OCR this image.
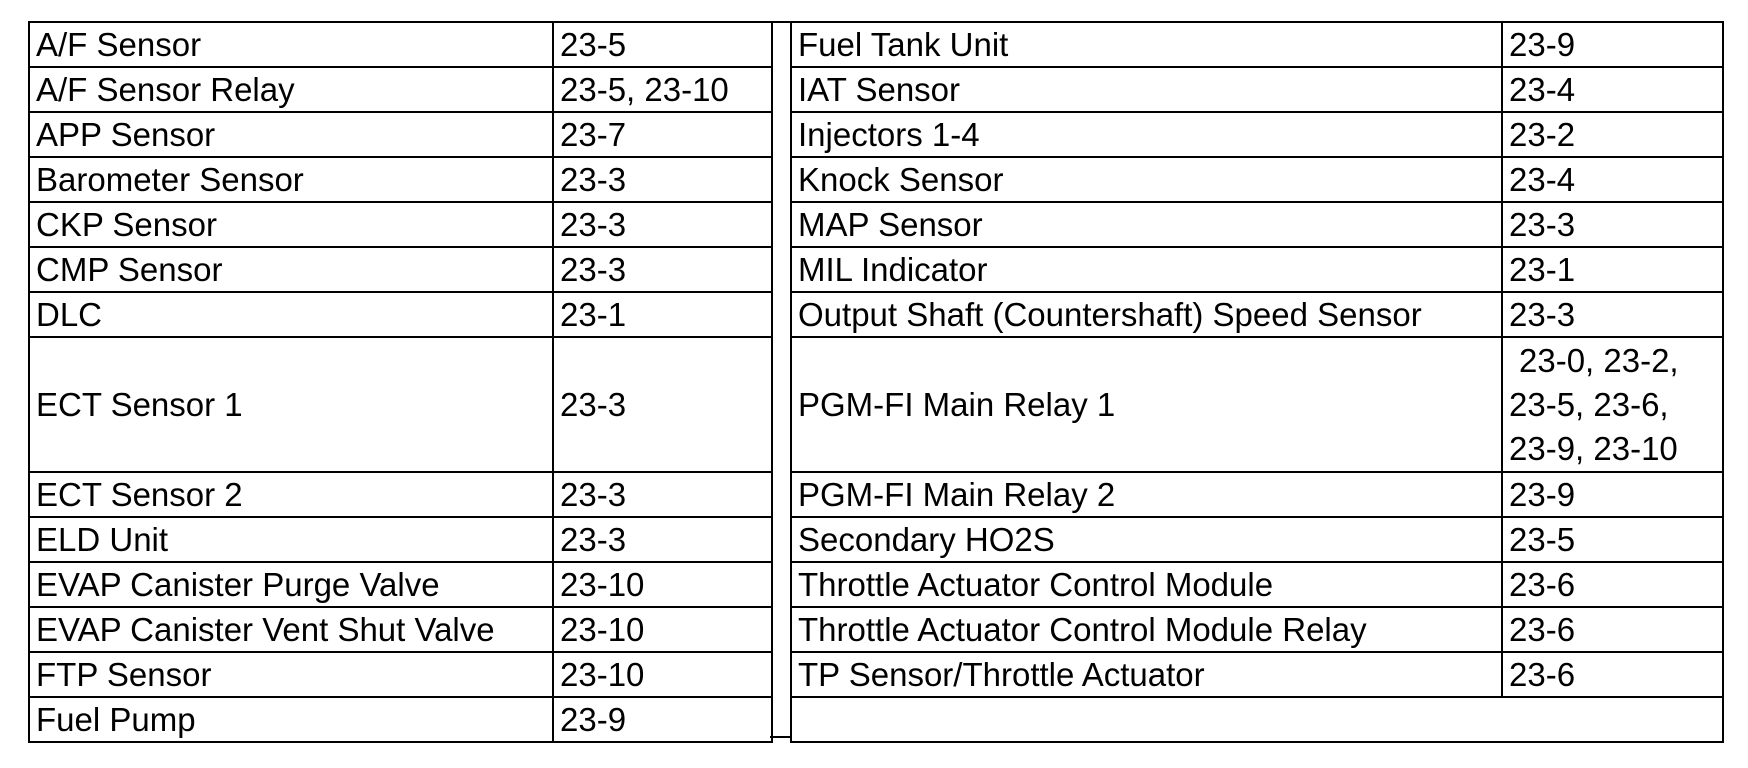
A/F Sensor	23-5
A/F Sensor Relay	23-5, 23-10
APP Sensor	23-7
Barometer Sensor	23-3
CKP Sensor	23-3
CMP Sensor	23-3
DLC	23-1
ECT Sensor 1	23-3
ECT Sensor 2	23-3
ELD Unit	23-3
EVAP Canister Purge Valve	23-10
EVAP Canister Vent Shut Valve	23-10
FTP Sensor	23-10
Fuel Pump	23-9
Fuel Tank Unit	23-9
IAT Sensor	23-4
Injectors 1-4	23-2
Knock Sensor	23-4
MAP Sensor	23-3
MIL Indicator	23-1
Output Shaft (Countershaft) Speed Sensor	23-3
PGM-FI Main Relay 1	23-0, 23-2,
23-5, 23-6,
23-9, 23-10

PGM-FI Main Relay 2	23-9
Secondary HO2S	23-5
Throttle Actuator Control Module	23-6
Throttle Actuator Control Module Relay	23-6
TP Sensor/Throttle Actuator	23-6
